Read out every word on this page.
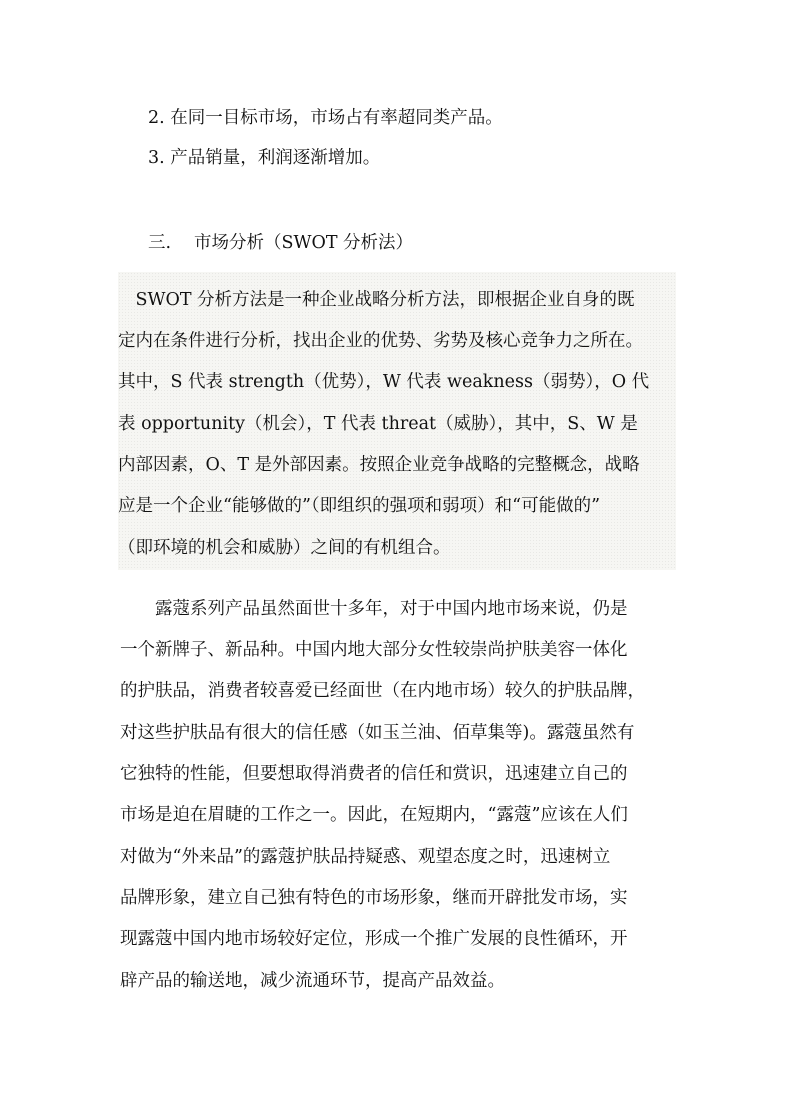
2. 在同一目标市场，市场占有率超同类产品。
3. 产品销量，利润逐渐增加。
三. 市场分析（SWOT 分析法）
　SWOT 分析方法是一种企业战略分析方法，即根据企业自身的既
定内在条件进行分析，找出企业的优势、劣势及核心竞争力之所在。
其中，S 代表 strength（优势），W 代表 weakness（弱势），O 代
表 opportunity（机会），T 代表 threat（威胁），其中，S、W 是
内部因素，O、T 是外部因素。按照企业竞争战略的完整概念，战略
应是一个企业“能够做的”（即组织的强项和弱项）和“可能做的”
（即环境的机会和威胁）之间的有机组合。
　　露蔻系列产品虽然面世十多年，对于中国内地市场来说，仍是
一个新牌子、新品种。中国内地大部分女性较崇尚护肤美容一体化
的护肤品，消费者较喜爱已经面世（在内地市场）较久的护肤品牌，
对这些护肤品有很大的信任感（如玉兰油、佰草集等)。露蔻虽然有
它独特的性能，但要想取得消费者的信任和赏识，迅速建立自己的
市场是迫在眉睫的工作之一。因此，在短期内，“露蔻”应该在人们
对做为“外来品”的露蔻护肤品持疑惑、观望态度之时，迅速树立
品牌形象，建立自己独有特色的市场形象，继而开辟批发市场，实
现露蔻中国内地市场较好定位，形成一个推广发展的良性循环，开
辟产品的输送地，减少流通环节，提高产品效益。
